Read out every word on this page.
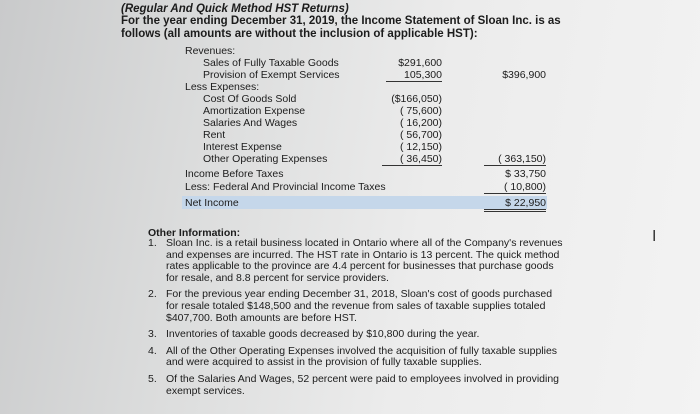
(Regular And Quick Method HST Returns)
For the year ending December 31, 2019, the Income Statement of Sloan Inc. is as follows (all amounts are without the inclusion of applicable HST):
Revenues:
Sales of Fully Taxable Goods	$291,600
Provision of Exempt Services	105,300	$396,900
Less Expenses:
Cost Of Goods Sold	($166,050)
Amortization Expense	( 75,600)
Salaries And Wages	( 16,200)
Rent	( 56,700)
Interest Expense	( 12,150)
Other Operating Expenses	( 36,450)	( 363,150)
Income Before Taxes	$ 33,750
Less: Federal And Provincial Income Taxes	( 10,800)
Net Income	$ 22,950
Other Information:
1. Sloan Inc. is a retail business located in Ontario where all of the Company's revenues and expenses are incurred. The HST rate in Ontario is 13 percent. The quick method rates applicable to the province are 4.4 percent for businesses that purchase goods for resale, and 8.8 percent for service providers.
2. For the previous year ending December 31, 2018, Sloan's cost of goods purchased for resale totaled $148,500 and the revenue from sales of taxable supplies totaled $407,700. Both amounts are before HST.
3. Inventories of taxable goods decreased by $10,800 during the year.
4. All of the Other Operating Expenses involved the acquisition of fully taxable supplies and were acquired to assist in the provision of fully taxable supplies.
5. Of the Salaries And Wages, 52 percent were paid to employees involved in providing exempt services.
I
